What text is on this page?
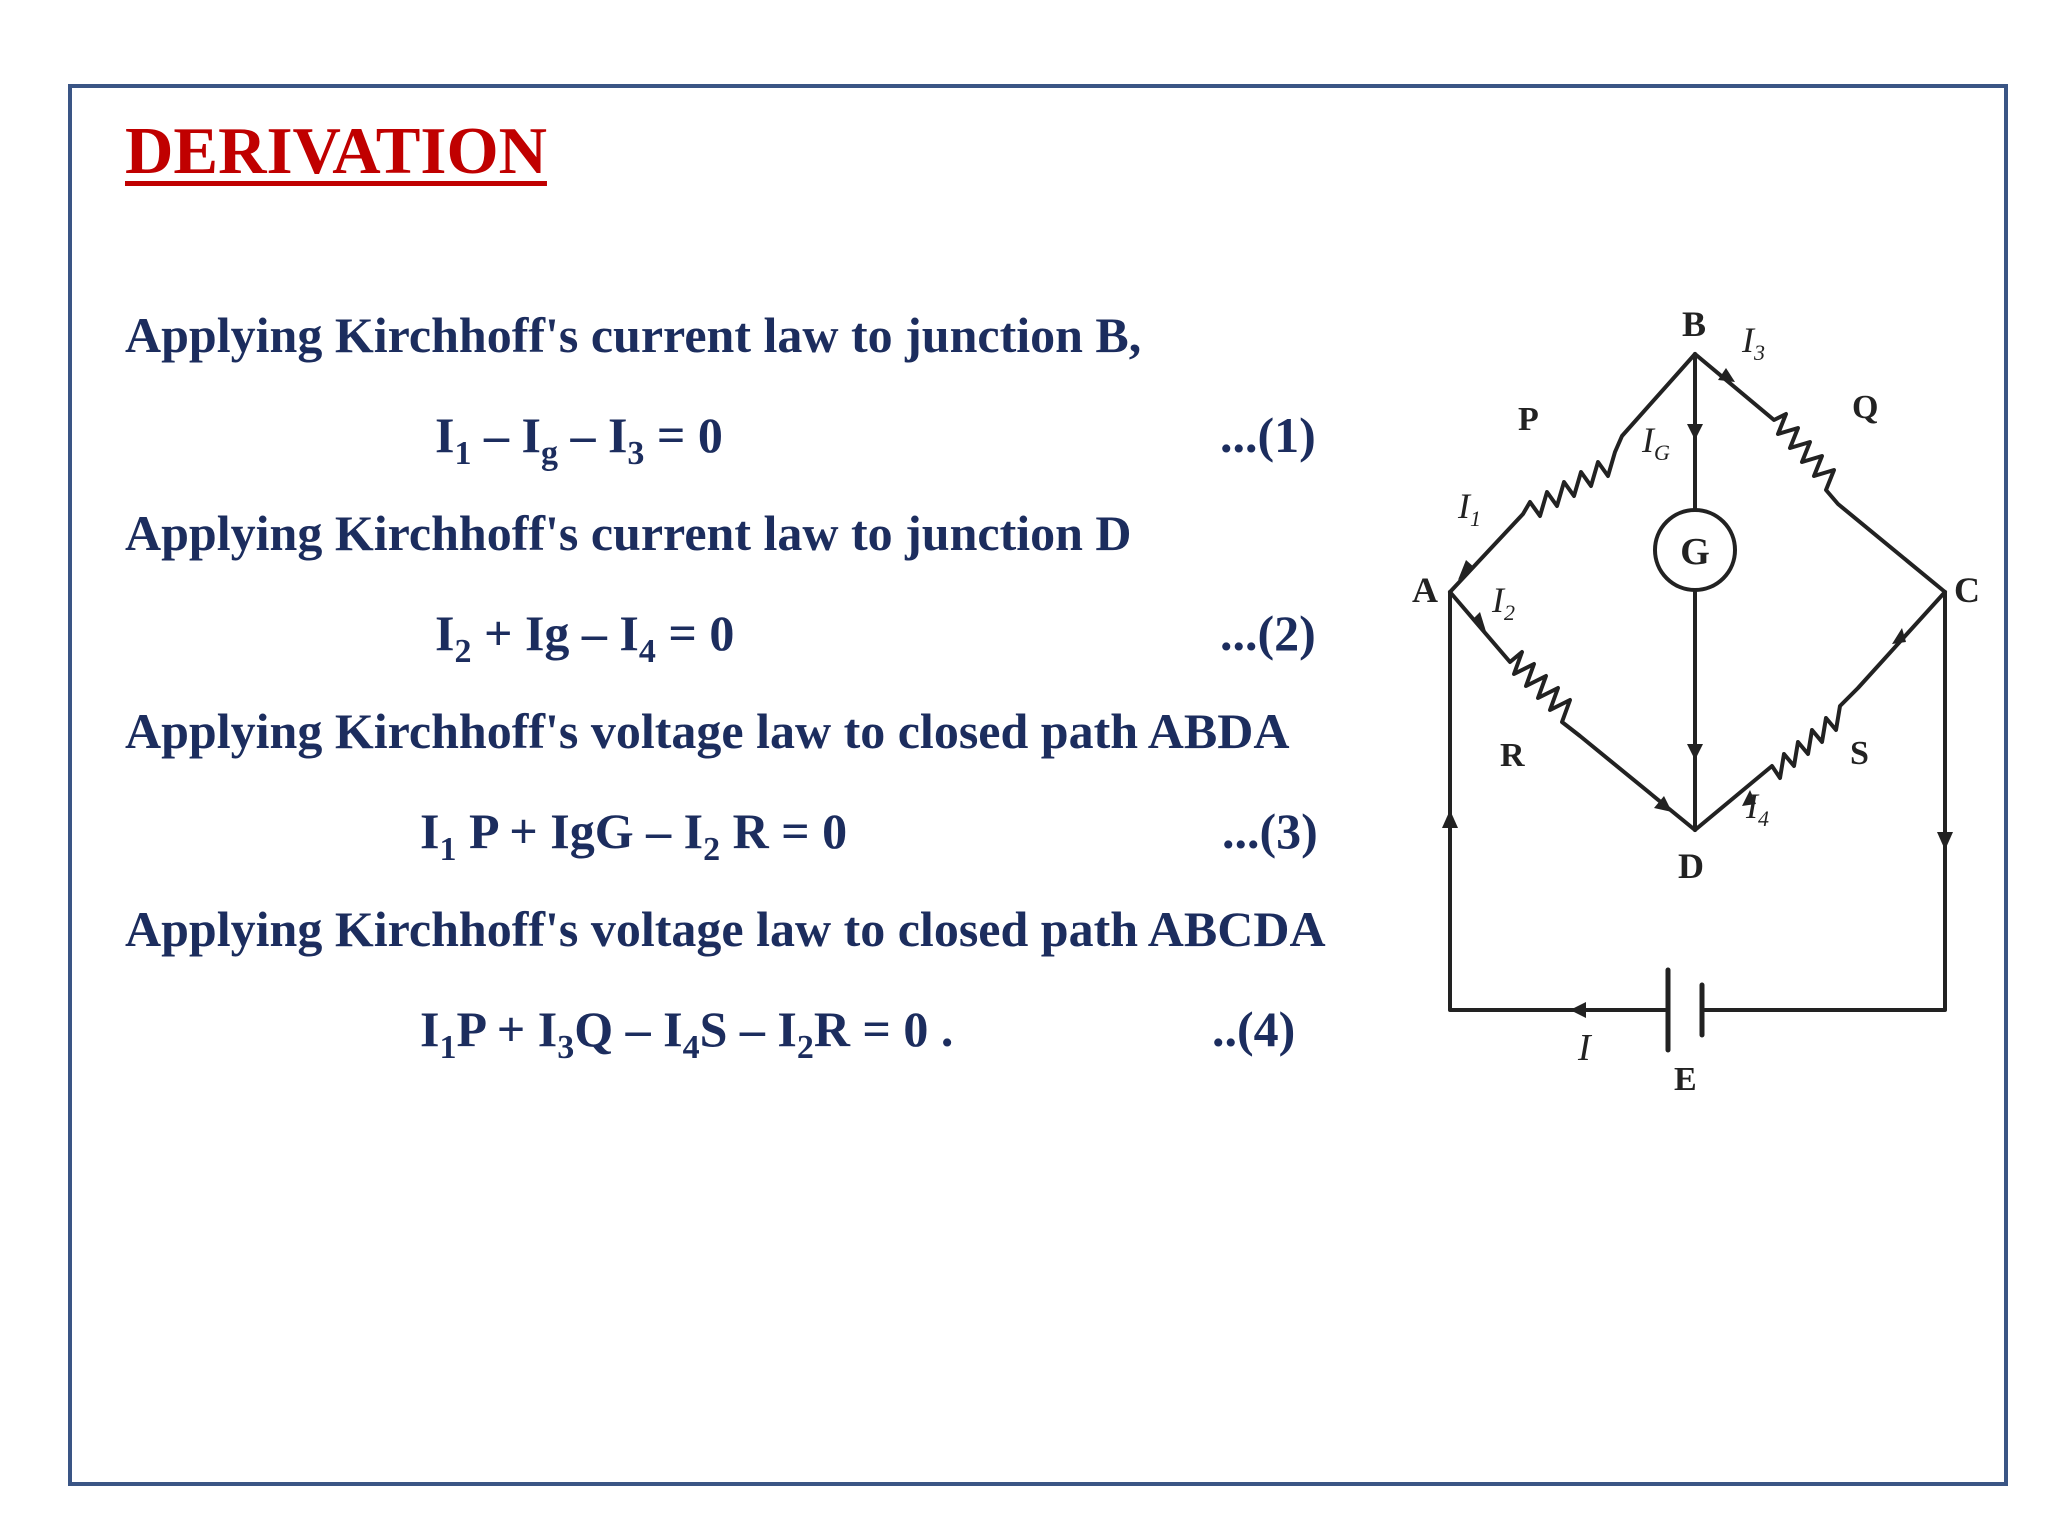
DERIVATION
Applying Kirchhoff's current law to junction B,
$I_1 - I_g - I_3 = 0$	...(1)
Applying Kirchhoff's current law to junction D
$I_2 + Ig - I_4 = 0$	...(2)
Applying Kirchhoff's voltage law to closed path ABDA
$I_1$ P + IgG – $I_2$ R = 0	...(3)
Applying Kirchhoff's voltage law to closed path ABCDA
$I_1P + I_3Q - I_4S - I_2R = 0$ .	..(4)
G
A
B
C
D
E
P	Q
R	S
$I_1$
$I_2$
$I_3$
$I_4$
$I_G$
I
